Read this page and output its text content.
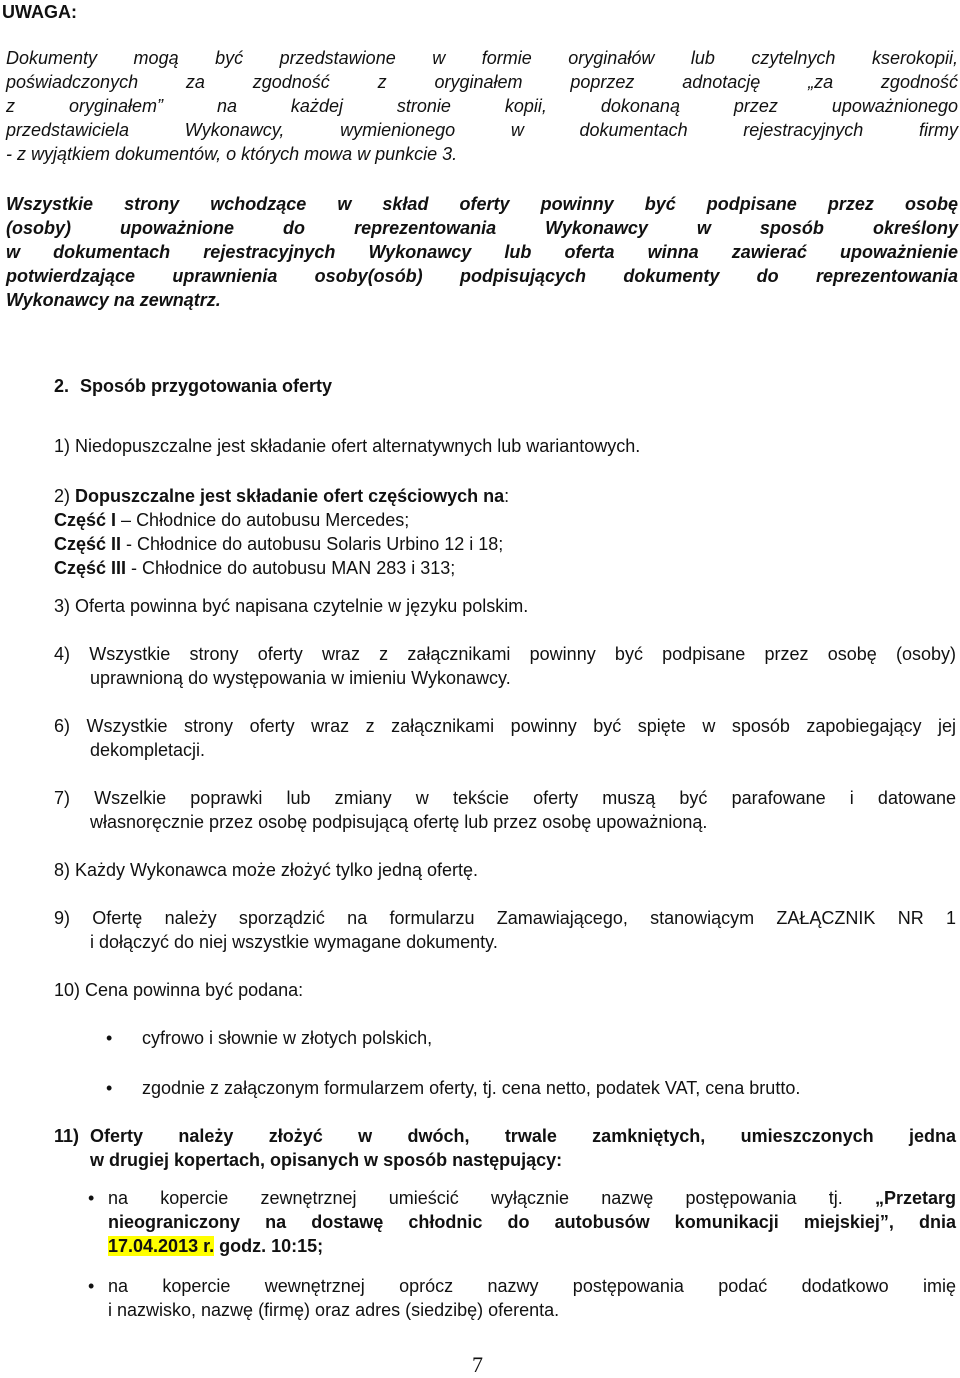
UWAGA:
Dokumenty mogą być przedstawione w formie oryginałów lub czytelnych kserokopii,
poświadczonych za zgodność z oryginałem poprzez adnotację „za zgodność
z oryginałem” na każdej stronie kopii, dokonaną przez upoważnionego
przedstawiciela Wykonawcy, wymienionego w dokumentach rejestracyjnych firmy
- z wyjątkiem dokumentów, o których mowa w punkcie 3.
Wszystkie strony wchodzące w skład oferty powinny być podpisane przez osobę
(osoby) upoważnione do reprezentowania Wykonawcy w sposób określony
w dokumentach rejestracyjnych Wykonawcy lub oferta winna zawierać upoważnienie
potwierdzające uprawnienia osoby(osób) podpisujących dokumenty do reprezentowania
Wykonawcy na zewnątrz.
2. Sposób przygotowania oferty
1) Niedopuszczalne jest składanie ofert alternatywnych lub wariantowych.
2) Dopuszczalne jest składanie ofert częściowych na:
Część I – Chłodnice do autobusu Mercedes;
Część II - Chłodnice do autobusu Solaris Urbino 12 i 18;
Część III - Chłodnice do autobusu MAN 283 i 313;
3) Oferta powinna być napisana czytelnie w języku polskim.
4) Wszystkie strony oferty wraz z załącznikami powinny być podpisane przez osobę (osoby)
uprawnioną do występowania w imieniu Wykonawcy.
6) Wszystkie strony oferty wraz z załącznikami powinny być spięte w sposób zapobiegający jej
dekompletacji.
7) Wszelkie poprawki lub zmiany w tekście oferty muszą być parafowane i datowane
własnoręcznie przez osobę podpisującą ofertę lub przez osobę upoważnioną.
8) Każdy Wykonawca może złożyć tylko jedną ofertę.
9) Ofertę należy sporządzić na formularzu Zamawiającego, stanowiącym ZAŁĄCZNIK NR 1
i dołączyć do niej wszystkie wymagane dokumenty.
10) Cena powinna być podana:
• cyfrowo i słownie w złotych polskich,
• zgodnie z załączonym formularzem oferty, tj. cena netto, podatek VAT, cena brutto.
11) Oferty należy złożyć w dwóch, trwale zamkniętych, umieszczonych jedna
w drugiej kopertach, opisanych w sposób następujący:
• na kopercie zewnętrznej umieścić wyłącznie nazwę postępowania tj. „Przetarg
nieograniczony na dostawę chłodnic do autobusów komunikacji miejskiej”, dnia
17.04.2013 r. godz. 10:15;
• na kopercie wewnętrznej oprócz nazwy postępowania podać dodatkowo imię
i nazwisko, nazwę (firmę) oraz adres (siedzibę) oferenta.
7
